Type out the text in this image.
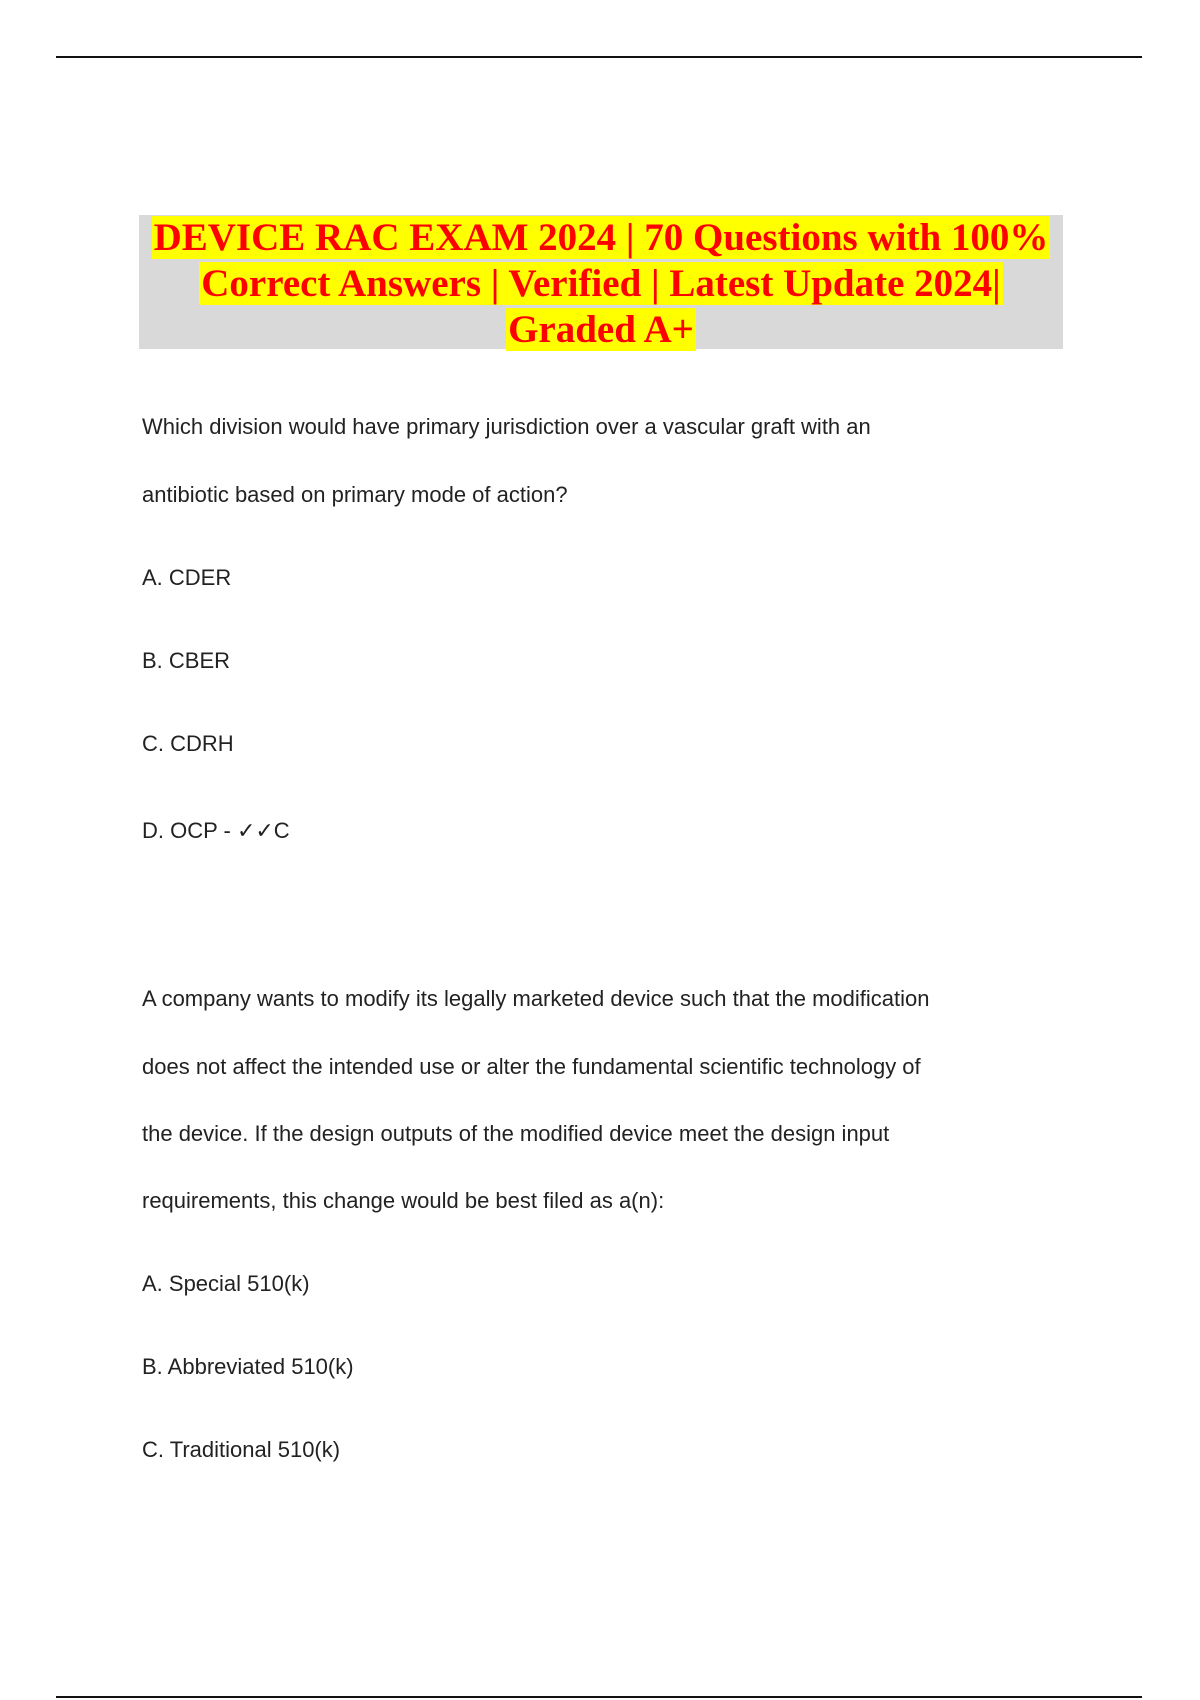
DEVICE RAC EXAM 2024 | 70 Questions with 100%
Correct Answers | Verified | Latest Update 2024|
Graded A+
Which division would have primary jurisdiction over a vascular graft with an
antibiotic based on primary mode of action?
A. CDER
B. CBER
C. CDRH
D. OCP - ✓✓C
A company wants to modify its legally marketed device such that the modification
does not affect the intended use or alter the fundamental scientific technology of
the device. If the design outputs of the modified device meet the design input
requirements, this change would be best filed as a(n):
A. Special 510(k)
B. Abbreviated 510(k)
C. Traditional 510(k)
